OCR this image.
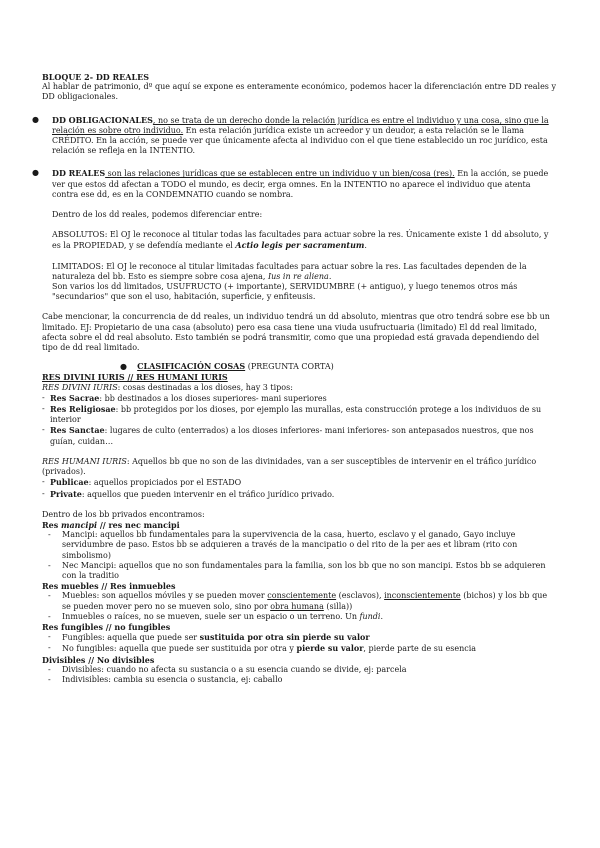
BLOQUE 2- DD REALES

Al hablar de patrimonio, dº que aquí se expone es enteramente económico, podemos hacer la diferenciación entre DD reales y DD obligacionales.

● DD OBLIGACIONALES, no se trata de un derecho donde la relación jurídica es entre el individuo y una cosa, sino que la relación es sobre otro individuo. En esta relación jurídica existe un acreedor y un deudor, a esta relación se le llama CRÉDITO. En la acción, se puede ver que únicamente afecta al individuo con el que tiene establecido un roc jurídico, esta relación se refleja en la INTENTIO.

● DD REALES son las relaciones jurídicas que se establecen entre un individuo y un bien/cosa (res). En la acción, se puede ver que estos dd afectan a TODO el mundo, es decir, erga omnes. En la INTENTIO no aparece el individuo que atenta contra ese dd, es en la CONDEMNATIO cuando se nombra.

Dentro de los dd reales, podemos diferenciar entre:

ABSOLUTOS: El OJ le reconoce al titular todas las facultades para actuar sobre la res. Únicamente existe 1 dd absoluto, y es la PROPIEDAD, y se defendía mediante el Actio legis per sacramentum.

LIMITADOS: El OJ le reconoce al titular limitadas facultades para actuar sobre la res. Las facultades dependen de la naturaleza del bb. Esto es siempre sobre cosa ajena, Ius in re aliena.

Son varios los dd limitados, USUFRUCTO (+ importante), SERVIDUMBRE (+ antiguo), y luego tenemos otros más "secundarios" que son el uso, habitación, superficie, y enfiteusis.

Cabe mencionar, la concurrencia de dd reales, un individuo tendrá un dd absoluto, mientras que otro tendrá sobre ese bb un limitado. EJ: Propietario de una casa (absoluto) pero esa casa tiene una viuda usufructuaria (limitado) El dd real limitado, afecta sobre el dd real absoluto. Esto también se podrá transmitir, como que una propiedad está gravada dependiendo del tipo de dd real limitado.

●    CLASIFICACIÓN COSAS (PREGUNTA CORTA)

RES DIVINI IURIS // RES HUMANI IURIS

RES DIVINI IURIS: cosas destinadas a los dioses, hay 3 tipos:

- Res Sacrae: bb destinados a los dioses superiores- mani superiores

- Res Religiosae: bb protegidos por los dioses, por ejemplo las murallas, esta construcción protege a los individuos de su interior

- Res Sanctae: lugares de culto (enterrados) a los dioses inferiores- mani inferiores- son antepasados nuestros, que nos guían, cuidan…

RES HUMANI IURIS: Aquellos bb que no son de las divinidades, van a ser susceptibles de intervenir en el tráfico jurídico (privados).

- Publicae: aquellos propiciados por el ESTADO

- Private: aquellos que pueden intervenir en el tráfico jurídico privado.

Dentro de los bb privados encontramos:

Res mancipi // res nec mancipi

- Mancipi: aquellos bb fundamentales para la supervivencia de la casa, huerto, esclavo y el ganado, Gayo incluye servidumbre de paso. Estos bb se adquieren a través de la mancipatio o del rito de la per aes et libram (rito con simbolismo)

- Nec Mancipi: aquellos que no son fundamentales para la familia, son los bb que no son mancipi. Estos bb se adquieren con la traditio

Res muebles // Res inmuebles

- Muebles: son aquellos móviles y se pueden mover conscientemente (esclavos), inconscientemente (bichos) y los bb que se pueden mover pero no se mueven solo, sino por obra humana (silla))

- Inmuebles o raíces, no se mueven, suele ser un espacio o un terreno. Un fundi.

Res fungibles // no fungibles

- Fungibles: aquella que puede ser sustituida por otra sin pierde su valor

- No fungibles: aquella que puede ser sustituida por otra y pierde su valor, pierde parte de su esencia

Divisibles // No divisibles

- Divisibles: cuando no afecta su sustancia o a su esencia cuando se divide, ej: parcela

- Indivisibles: cambia su esencia o sustancia, ej: caballo
